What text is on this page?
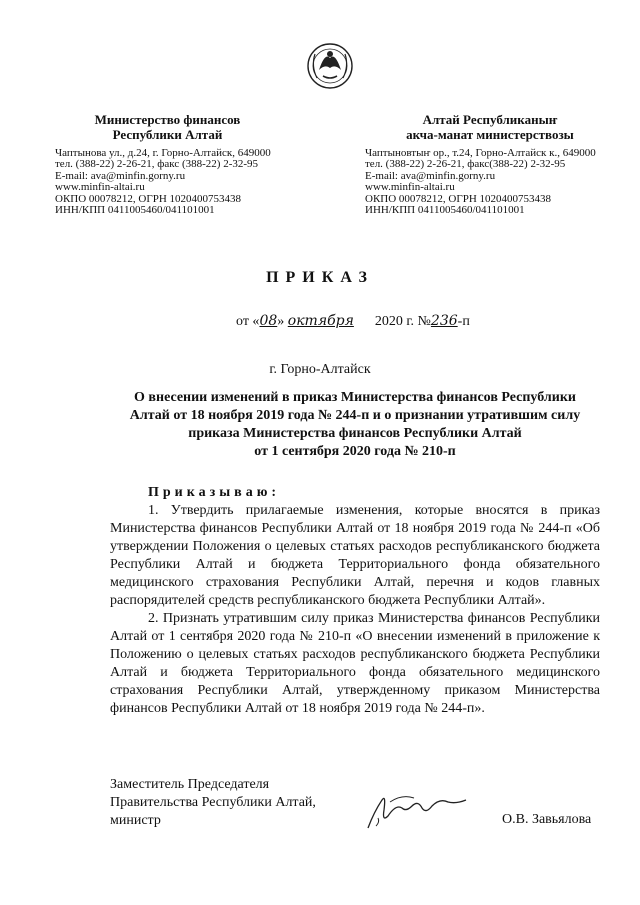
Министерство финансов
Республики Алтай
Чаптынова ул., д.24, г. Горно-Алтайск, 649000
тел. (388-22) 2-26-21, факс (388-22) 2-32-95
E-mail: ava@minfin.gorny.ru
www.minfin-altai.ru
ОКПО 00078212, ОГРН 1020400753438
ИНН/КПП 0411005460/041101001
Алтай Республиканыҥ
акча-манат министерствозы
Чаптыновтыҥ ор., т.24, Горно-Алтайск к., 649000
тел. (388-22) 2-26-21, факс(388-22) 2-32-95
E-mail: ava@minfin.gorny.ru
www.minfin-altai.ru
ОКПО 00078212, ОГРН 1020400753438
ИНН/КПП 0411005460/041101001
ПРИКАЗ
от «08» октября 2020 г. №236-п
г. Горно-Алтайск
О внесении изменений в приказ Министерства финансов Республики
Алтай от 18 ноября 2019 года № 244-п и о признании утратившим силу
приказа Министерства финансов Республики Алтай
от 1 сентября 2020 года № 210-п
Приказываю:

1. Утвердить прилагаемые изменения, которые вносятся в приказ Министерства финансов Республики Алтай от 18 ноября 2019 года № 244-п «Об утверждении Положения о целевых статьях расходов республиканского бюджета Республики Алтай и бюджета Территориального фонда обязательного медицинского страхования Республики Алтай, перечня и кодов главных распорядителей средств республиканского бюджета Республики Алтай».

2. Признать утратившим силу приказ Министерства финансов Республики Алтай от 1 сентября 2020 года № 210-п «О внесении изменений в приложение к Положению о целевых статьях расходов республиканского бюджета Республики Алтай и бюджета Территориального фонда обязательного медицинского страхования Республики Алтай, утвержденному приказом Министерства финансов Республики Алтай от 18 ноября 2019 года № 244-п».

Заместитель Председателя
Правительства Республики Алтай,
министр	О.В. Завьялова
